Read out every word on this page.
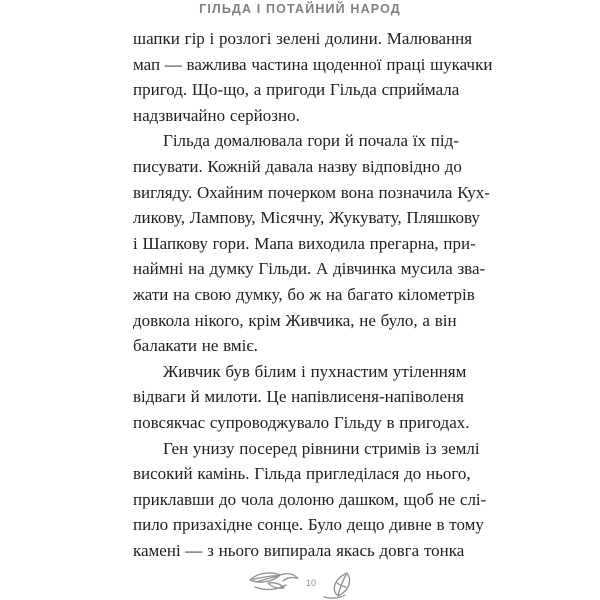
ГІЛЬДА І ПОТАЙНИЙ НАРОД
шапки гір і розлогі зелені долини. Малювання
мап — важлива частина щоденної праці шукачки
пригод. Що-що, а пригоди Гільда сприймала
надзвичайно серйозно.
Гільда домалювала гори й почала їх під-
писувати. Кожній давала назву відповідно до
вигляду. Охайним почерком вона позначила Кух-
ликову, Лампову, Місячну, Жукувату, Пляшкову
і Шапкову гори. Мапа виходила прегарна, при-
наймні на думку Гільди. А дівчинка мусила зва-
жати на свою думку, бо ж на багато кілометрів
довкола нікого, крім Живчика, не було, а він
балакати не вміє.
Живчик був білим і пухнастим утіленням
відваги й милоти. Це напівлисеня-напіволеня
повсякчас супроводжувало Гільду в пригодах.
Ген унизу посеред рівнини стримів із землі
високий камінь. Гільда пригледілася до нього,
приклавши до чола долоню дашком, щоб не слі-
пило призахідне сонце. Було дещо дивне в тому
камені — з нього випирала якась довга тонка
10
